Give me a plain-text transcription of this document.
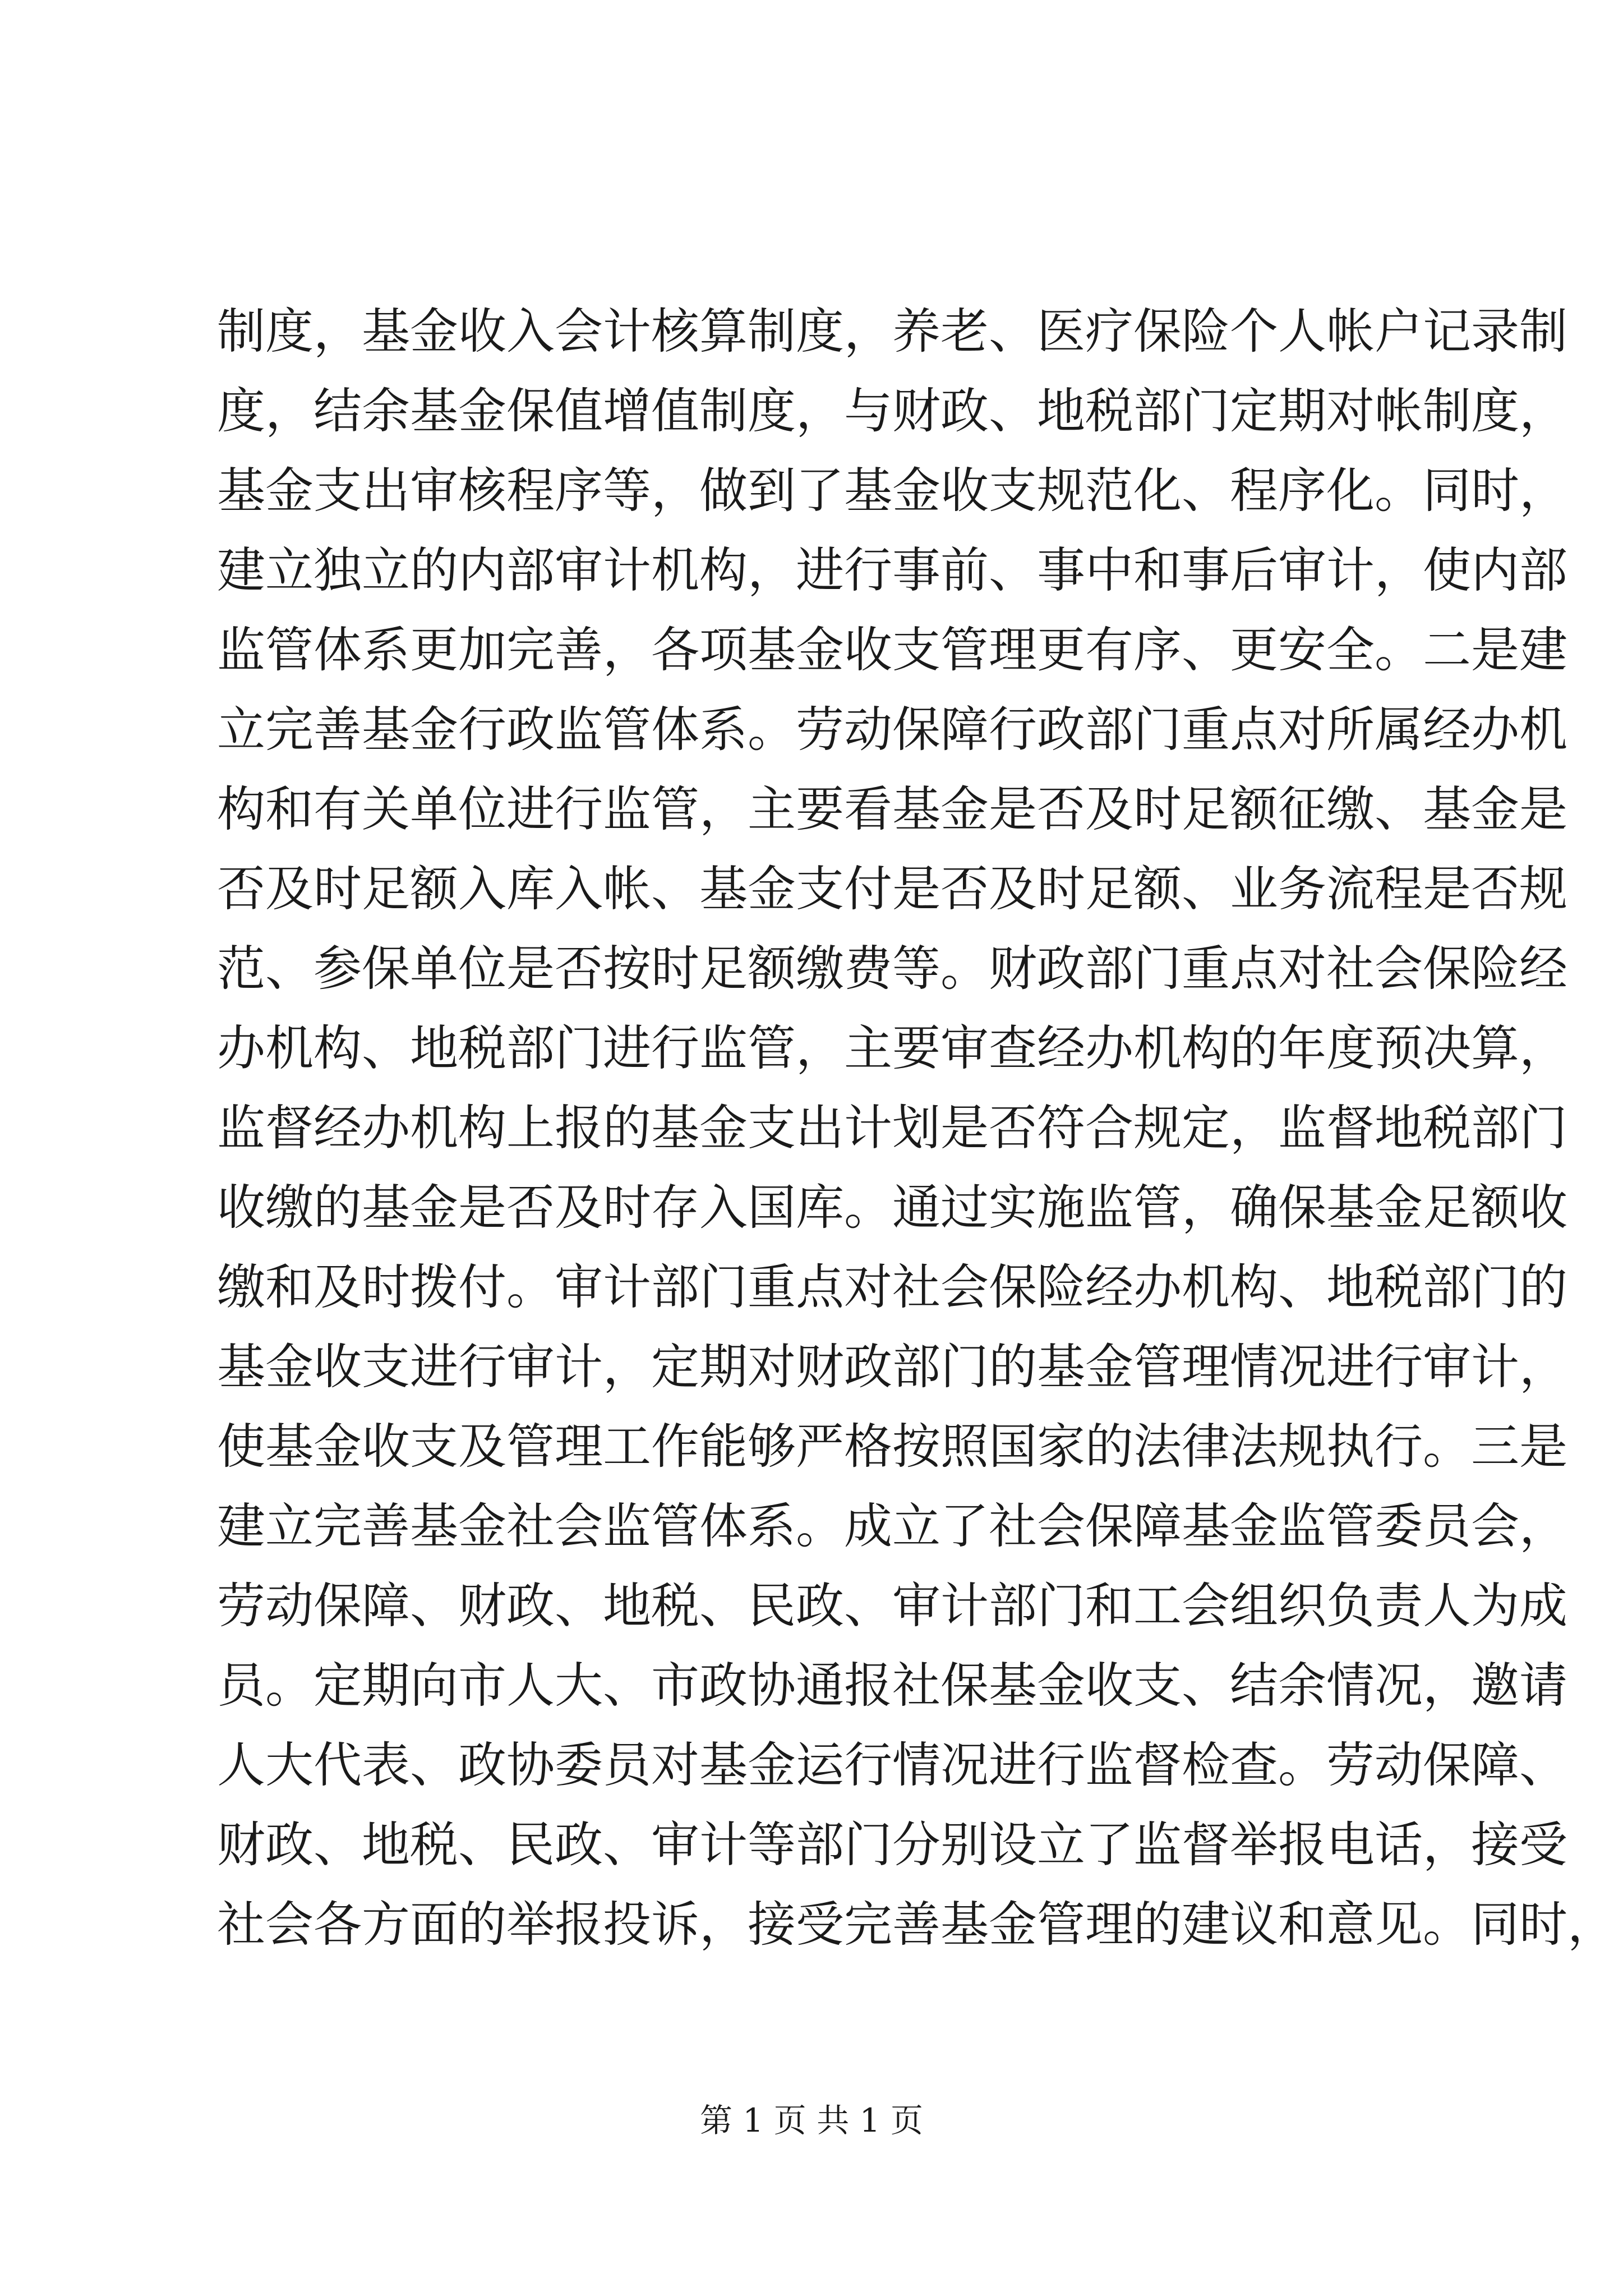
制度，基金收入会计核算制度，养老、医疗保险个人帐户记录制
度，结余基金保值增值制度，与财政、地税部门定期对帐制度，
基金支出审核程序等，做到了基金收支规范化、程序化。同时，
建立独立的内部审计机构，进行事前、事中和事后审计，使内部
监管体系更加完善，各项基金收支管理更有序、更安全。二是建
立完善基金行政监管体系。劳动保障行政部门重点对所属经办机
构和有关单位进行监管，主要看基金是否及时足额征缴、基金是
否及时足额入库入帐、基金支付是否及时足额、业务流程是否规
范、参保单位是否按时足额缴费等。财政部门重点对社会保险经
办机构、地税部门进行监管，主要审查经办机构的年度预决算，
监督经办机构上报的基金支出计划是否符合规定，监督地税部门
收缴的基金是否及时存入国库。通过实施监管，确保基金足额收
缴和及时拨付。审计部门重点对社会保险经办机构、地税部门的
基金收支进行审计，定期对财政部门的基金管理情况进行审计，
使基金收支及管理工作能够严格按照国家的法律法规执行。三是
建立完善基金社会监管体系。成立了社会保障基金监管委员会，
劳动保障、财政、地税、民政、审计部门和工会组织负责人为成
员。定期向市人大、市政协通报社保基金收支、结余情况，邀请
人大代表、政协委员对基金运行情况进行监督检查。劳动保障、
财政、地税、民政、审计等部门分别设立了监督举报电话，接受
社会各方面的举报投诉，接受完善基金管理的建议和意见。同时，
第 1 页 共 1 页
